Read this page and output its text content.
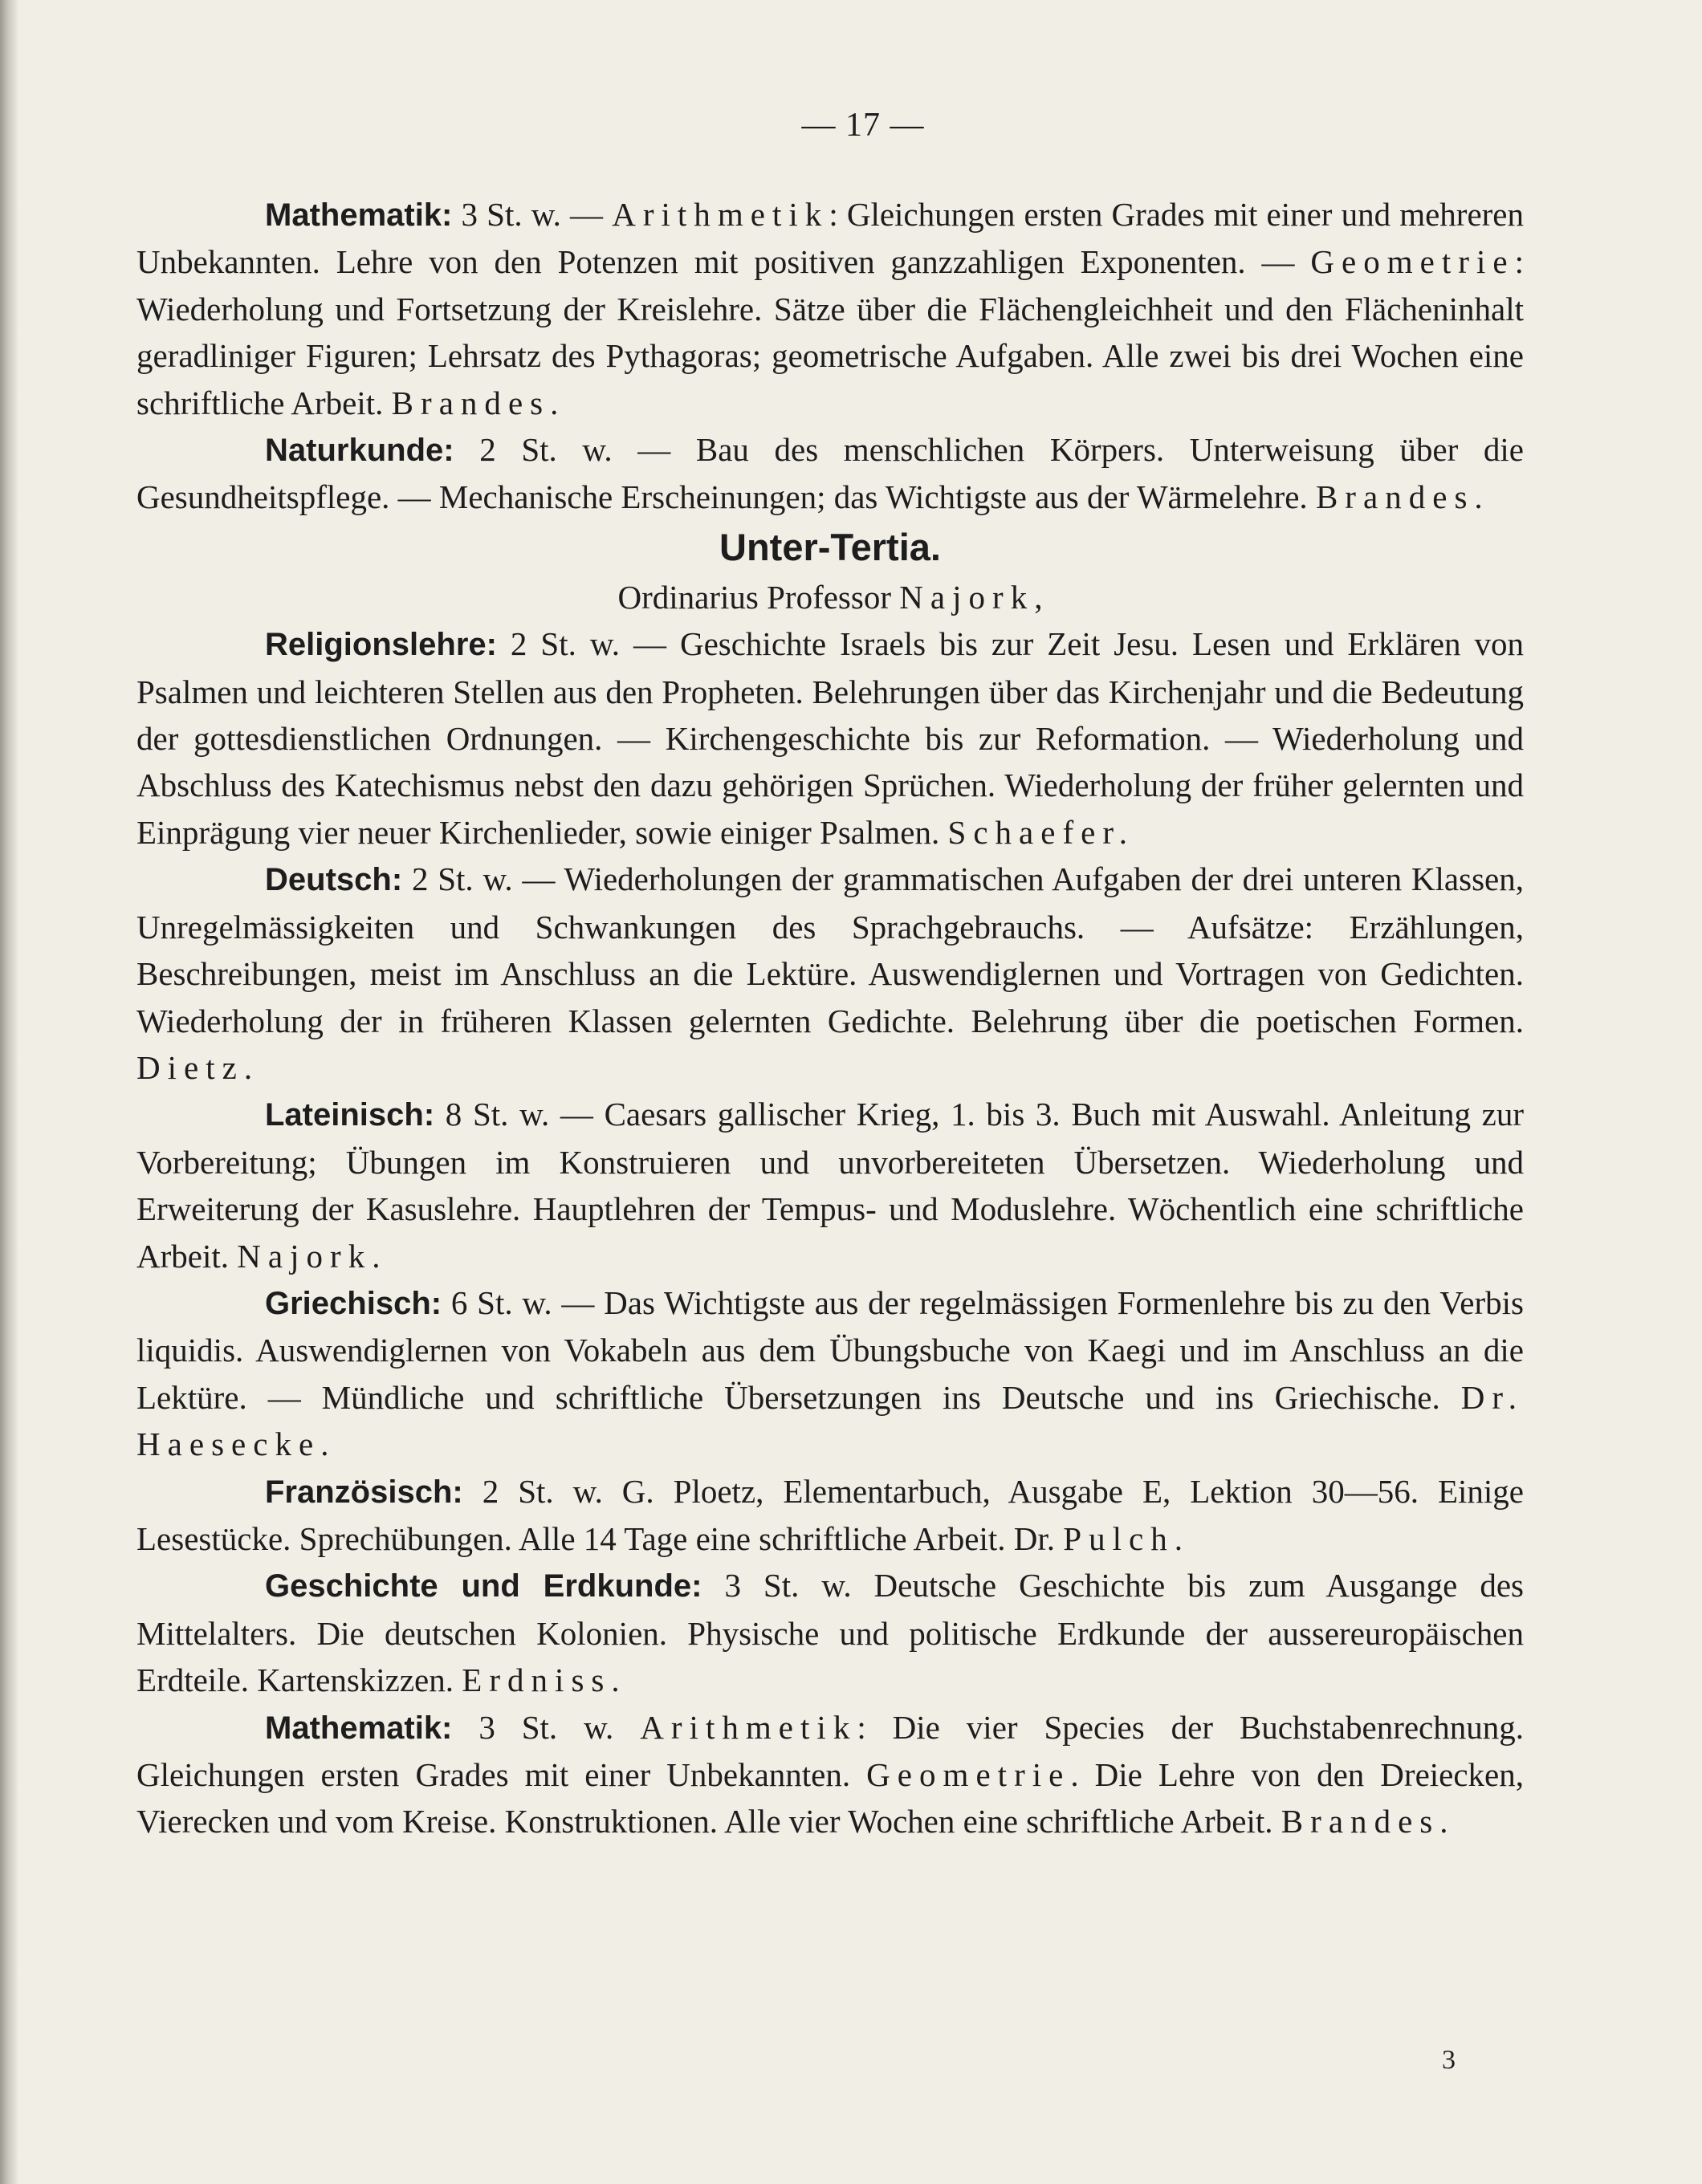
— 17 —

Mathematik: 3 St. w. — Arithmetik: Gleichungen ersten Grades mit einer und mehreren Unbekannten. Lehre von den Potenzen mit positiven ganzzahligen Exponenten. — Geometrie: Wiederholung und Fortsetzung der Kreislehre. Sätze über die Flächengleichheit und den Flächeninhalt geradliniger Figuren; Lehrsatz des Pythagoras; geometrische Aufgaben. Alle zwei bis drei Wochen eine schriftliche Arbeit. Brandes.

Naturkunde: 2 St. w. — Bau des menschlichen Körpers. Unterweisung über die Gesundheitspflege. — Mechanische Erscheinungen; das Wichtigste aus der Wärmelehre. Brandes.

Unter-Tertia.

Ordinarius Professor Najork,

Religionslehre: 2 St. w. — Geschichte Israels bis zur Zeit Jesu. Lesen und Erklären von Psalmen und leichteren Stellen aus den Propheten. Belehrungen über das Kirchenjahr und die Bedeutung der gottesdienstlichen Ordnungen. — Kirchengeschichte bis zur Reformation. — Wiederholung und Abschluss des Katechismus nebst den dazu gehörigen Sprüchen. Wiederholung der früher gelernten und Einprägung vier neuer Kirchenlieder, sowie einiger Psalmen. Schaefer.

Deutsch: 2 St. w. — Wiederholungen der grammatischen Aufgaben der drei unteren Klassen, Unregelmässigkeiten und Schwankungen des Sprachgebrauchs. — Aufsätze: Erzählungen, Beschreibungen, meist im Anschluss an die Lektüre. Auswendiglernen und Vortragen von Gedichten. Wiederholung der in früheren Klassen gelernten Gedichte. Belehrung über die poetischen Formen. Dietz.

Lateinisch: 8 St. w. — Caesars gallischer Krieg, 1. bis 3. Buch mit Auswahl. Anleitung zur Vorbereitung; Übungen im Konstruieren und unvorbereiteten Übersetzen. Wiederholung und Erweiterung der Kasuslehre. Hauptlehren der Tempus- und Moduslehre. Wöchentlich eine schriftliche Arbeit. Najork.

Griechisch: 6 St. w. — Das Wichtigste aus der regelmässigen Formenlehre bis zu den Verbis liquidis. Auswendiglernen von Vokabeln aus dem Übungsbuche von Kaegi und im Anschluss an die Lektüre. — Mündliche und schriftliche Übersetzungen ins Deutsche und ins Griechische. Dr. Haesecke.

Französisch: 2 St. w. G. Ploetz, Elementarbuch, Ausgabe E, Lektion 30—56. Einige Lesestücke. Sprechübungen. Alle 14 Tage eine schriftliche Arbeit. Dr. Pulch.

Geschichte und Erdkunde: 3 St. w. Deutsche Geschichte bis zum Ausgange des Mittelalters. Die deutschen Kolonien. Physische und politische Erdkunde der aussereuropäischen Erdteile. Kartenskizzen. Erdniss.

Mathematik: 3 St. w. Arithmetik: Die vier Species der Buchstabenrechnung. Gleichungen ersten Grades mit einer Unbekannten. Geometrie. Die Lehre von den Dreiecken, Vierecken und vom Kreise. Konstruktionen. Alle vier Wochen eine schriftliche Arbeit. Brandes.

3
